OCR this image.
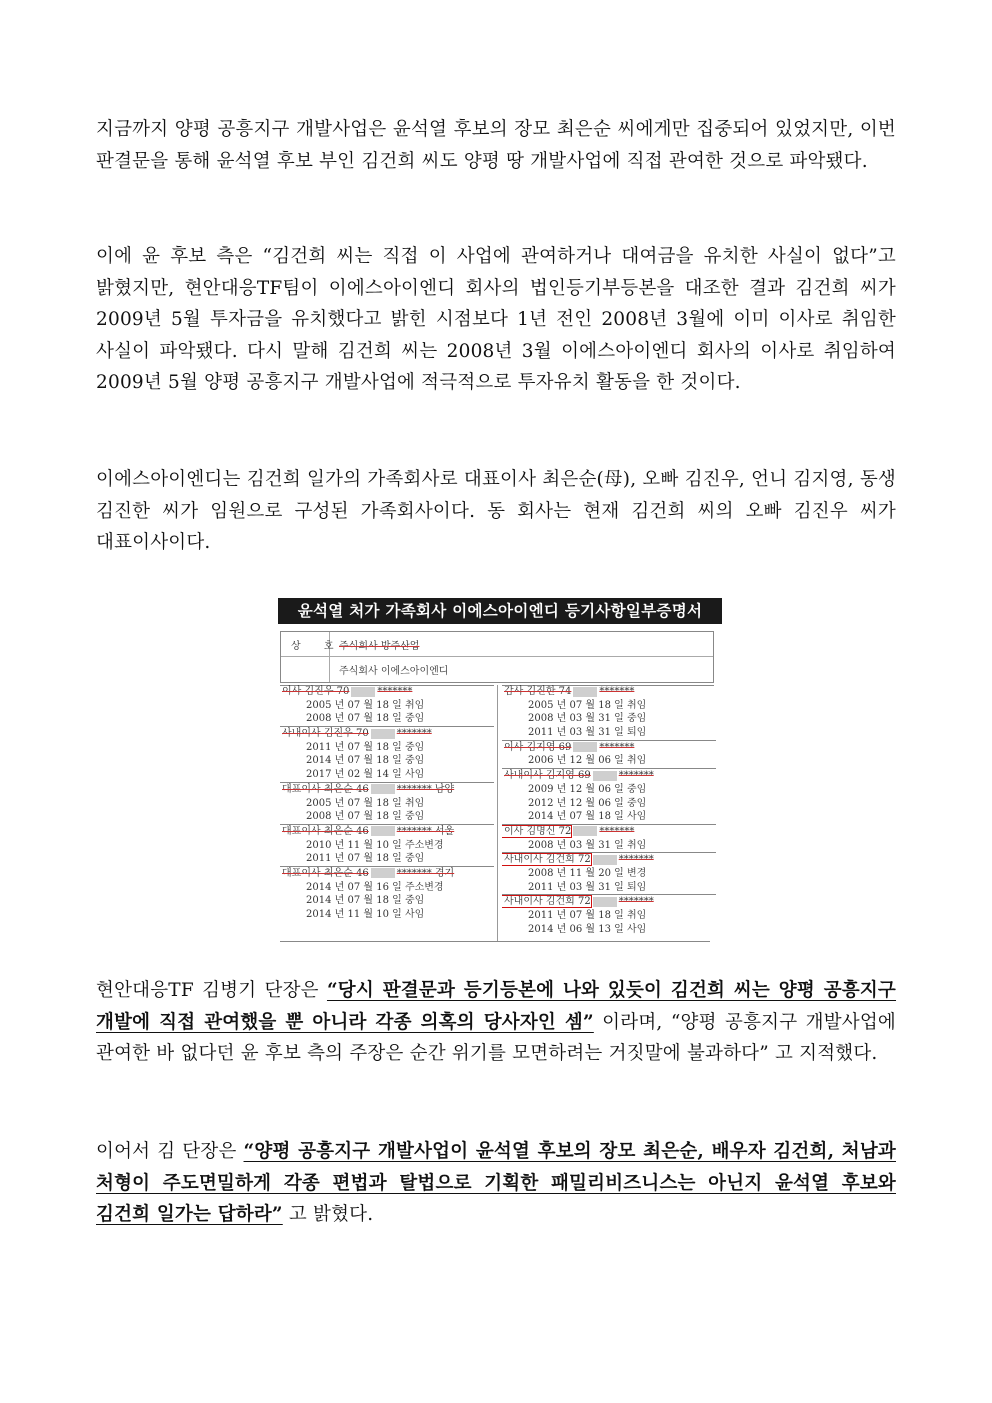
지금까지 양평 공흥지구 개발사업은 윤석열 후보의 장모 최은순 씨에게만 집중되어 있었지만, 이번 판결문을 통해 윤석열 후보 부인 김건희 씨도 양평 땅 개발사업에 직접 관여한 것으로 파악됐다.

이에 윤 후보 측은 “김건희 씨는 직접 이 사업에 관여하거나 대여금을 유치한 사실이 없다”고 밝혔지만, 현안대응TF팀이 이에스아이엔디 회사의 법인등기부등본을 대조한 결과 김건희 씨가 2009년 5월 투자금을 유치했다고 밝힌 시점보다 1년 전인 2008년 3월에 이미 이사로 취임한 사실이 파악됐다. 다시 말해 김건희 씨는 2008년 3월 이에스아이엔디 회사의 이사로 취임하여 2009년 5월 양평 공흥지구 개발사업에 적극적으로 투자유치 활동을 한 것이다.

이에스아이엔디는 김건희 일가의 가족회사로 대표이사 최은순(母), 오빠 김진우, 언니 김지영, 동생 김진한 씨가 임원으로 구성된 가족회사이다. 동 회사는 현재 김건희 씨의 오빠 김진우 씨가 대표이사이다.

윤석열 처가 가족회사 이에스아이엔디 등기사항일부증명서
상 호
주식회사 방주산업
주식회사 이에스아이엔디
이사 김진우 70	*******
2005 년 07 월 18 일 취임
2008 년 07 월 18 일 중임
사내이사 김진우 70	*******
2011 년 07 월 18 일 중임
2014 년 07 월 18 일 중임
2017 년 02 월 14 일 사임
대표이사 최은순 46	******* 남양
2005 년 07 월 18 일 취임
2008 년 07 월 18 일 중임
대표이사 최은순 46	******* 서울
2010 년 11 월 10 일 주소변경
2011 년 07 월 18 일 중임
대표이사 최은순 46	******* 경기
2014 년 07 월 16 일 주소변경
2014 년 07 월 18 일 중임
2014 년 11 월 10 일 사임
감사 김진한 74	*******
2005 년 07 월 18 일 취임
2008 년 03 월 31 일 중임
2011 년 03 월 31 일 퇴임
이사 김지영 69	*******
2006 년 12 월 06 일 취임
사내이사 김지영 69	*******
2009 년 12 월 06 일 중임
2012 년 12 월 06 일 중임
2014 년 07 월 18 일 사임
이사 김명신 72	*******
2008 년 03 월 31 일 취임
사내이사 김건희 72	*******
2008 년 11 월 20 일 변경
2011 년 03 월 31 일 퇴임
사내이사 김건희 72	*******
2011 년 07 월 18 일 취임
2014 년 06 월 13 일 사임

현안대응TF 김병기 단장은 “당시 판결문과 등기등본에 나와 있듯이 김건희 씨는 양평 공흥지구 개발에 직접 관여했을 뿐 아니라 각종 의혹의 당사자인 셈” 이라며, “양평 공흥지구 개발사업에 관여한 바 없다던 윤 후보 측의 주장은 순간 위기를 모면하려는 거짓말에 불과하다” 고 지적했다.

이어서 김 단장은 “양평 공흥지구 개발사업이 윤석열 후보의 장모 최은순, 배우자 김건희, 처남과 처형이 주도면밀하게 각종 편법과 탈법으로 기획한 패밀리비즈니스는 아닌지 윤석열 후보와 김건희 일가는 답하라” 고 밝혔다.
